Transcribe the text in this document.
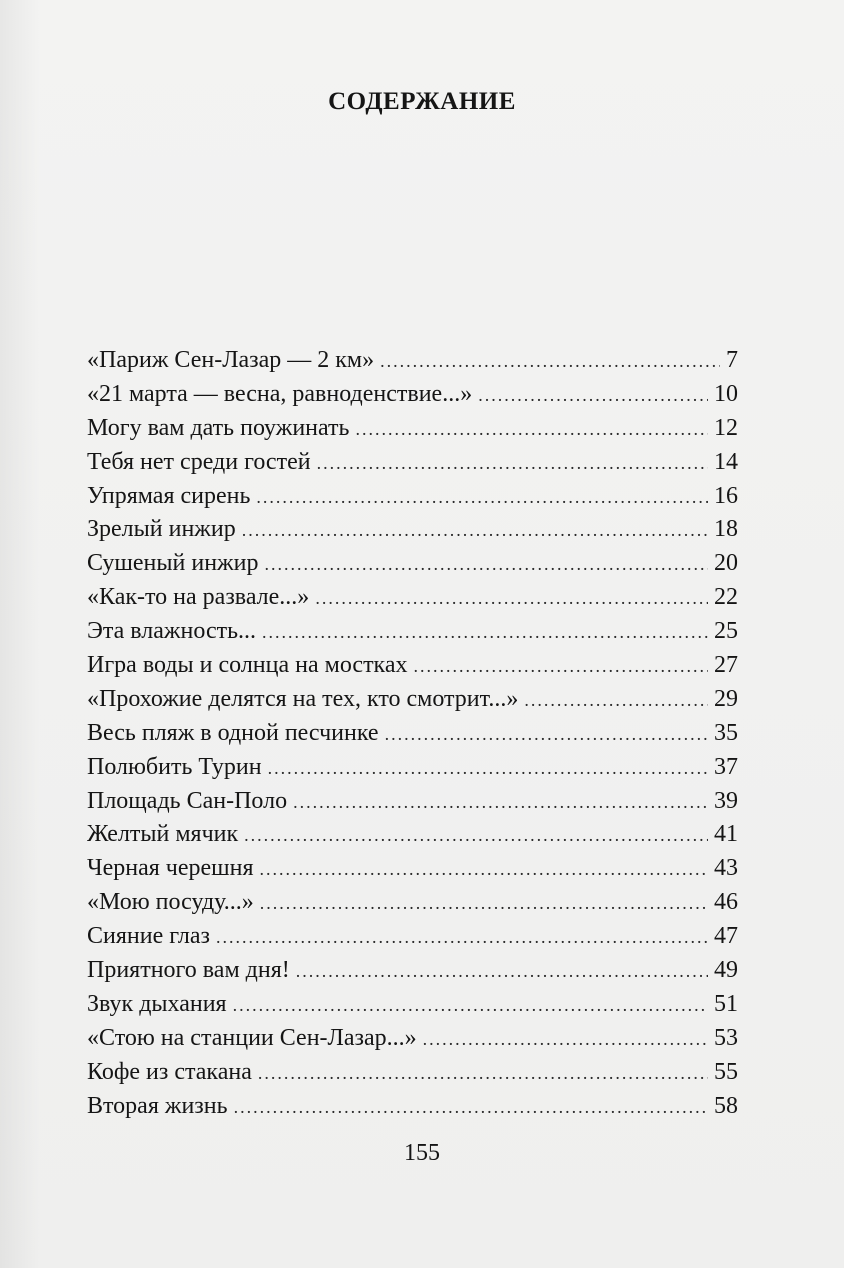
СОДЕРЖАНИЕ
«Париж Сен-Лазар — 2 км» .....	7
«21 марта — весна, равноденствие...» .....	10
Могу вам дать поужинать .....	12
Тебя нет среди гостей .....	14
Упрямая сирень .....	16
Зрелый инжир .....	18
Сушеный инжир .....	20
«Как-то на развале...» .....	22
Эта влажность... .....	25
Игра воды и солнца на мостках .....	27
«Прохожие делятся на тех, кто смотрит...» .....	29
Весь пляж в одной песчинке .....	35
Полюбить Турин .....	37
Площадь Сан-Поло .....	39
Желтый мячик .....	41
Черная черешня .....	43
«Мою посуду...» .....	46
Сияние глаз .....	47
Приятного вам дня! .....	49
Звук дыхания .....	51
«Стою на станции Сен-Лазар...» .....	53
Кофе из стакана .....	55
Вторая жизнь .....	58

155
